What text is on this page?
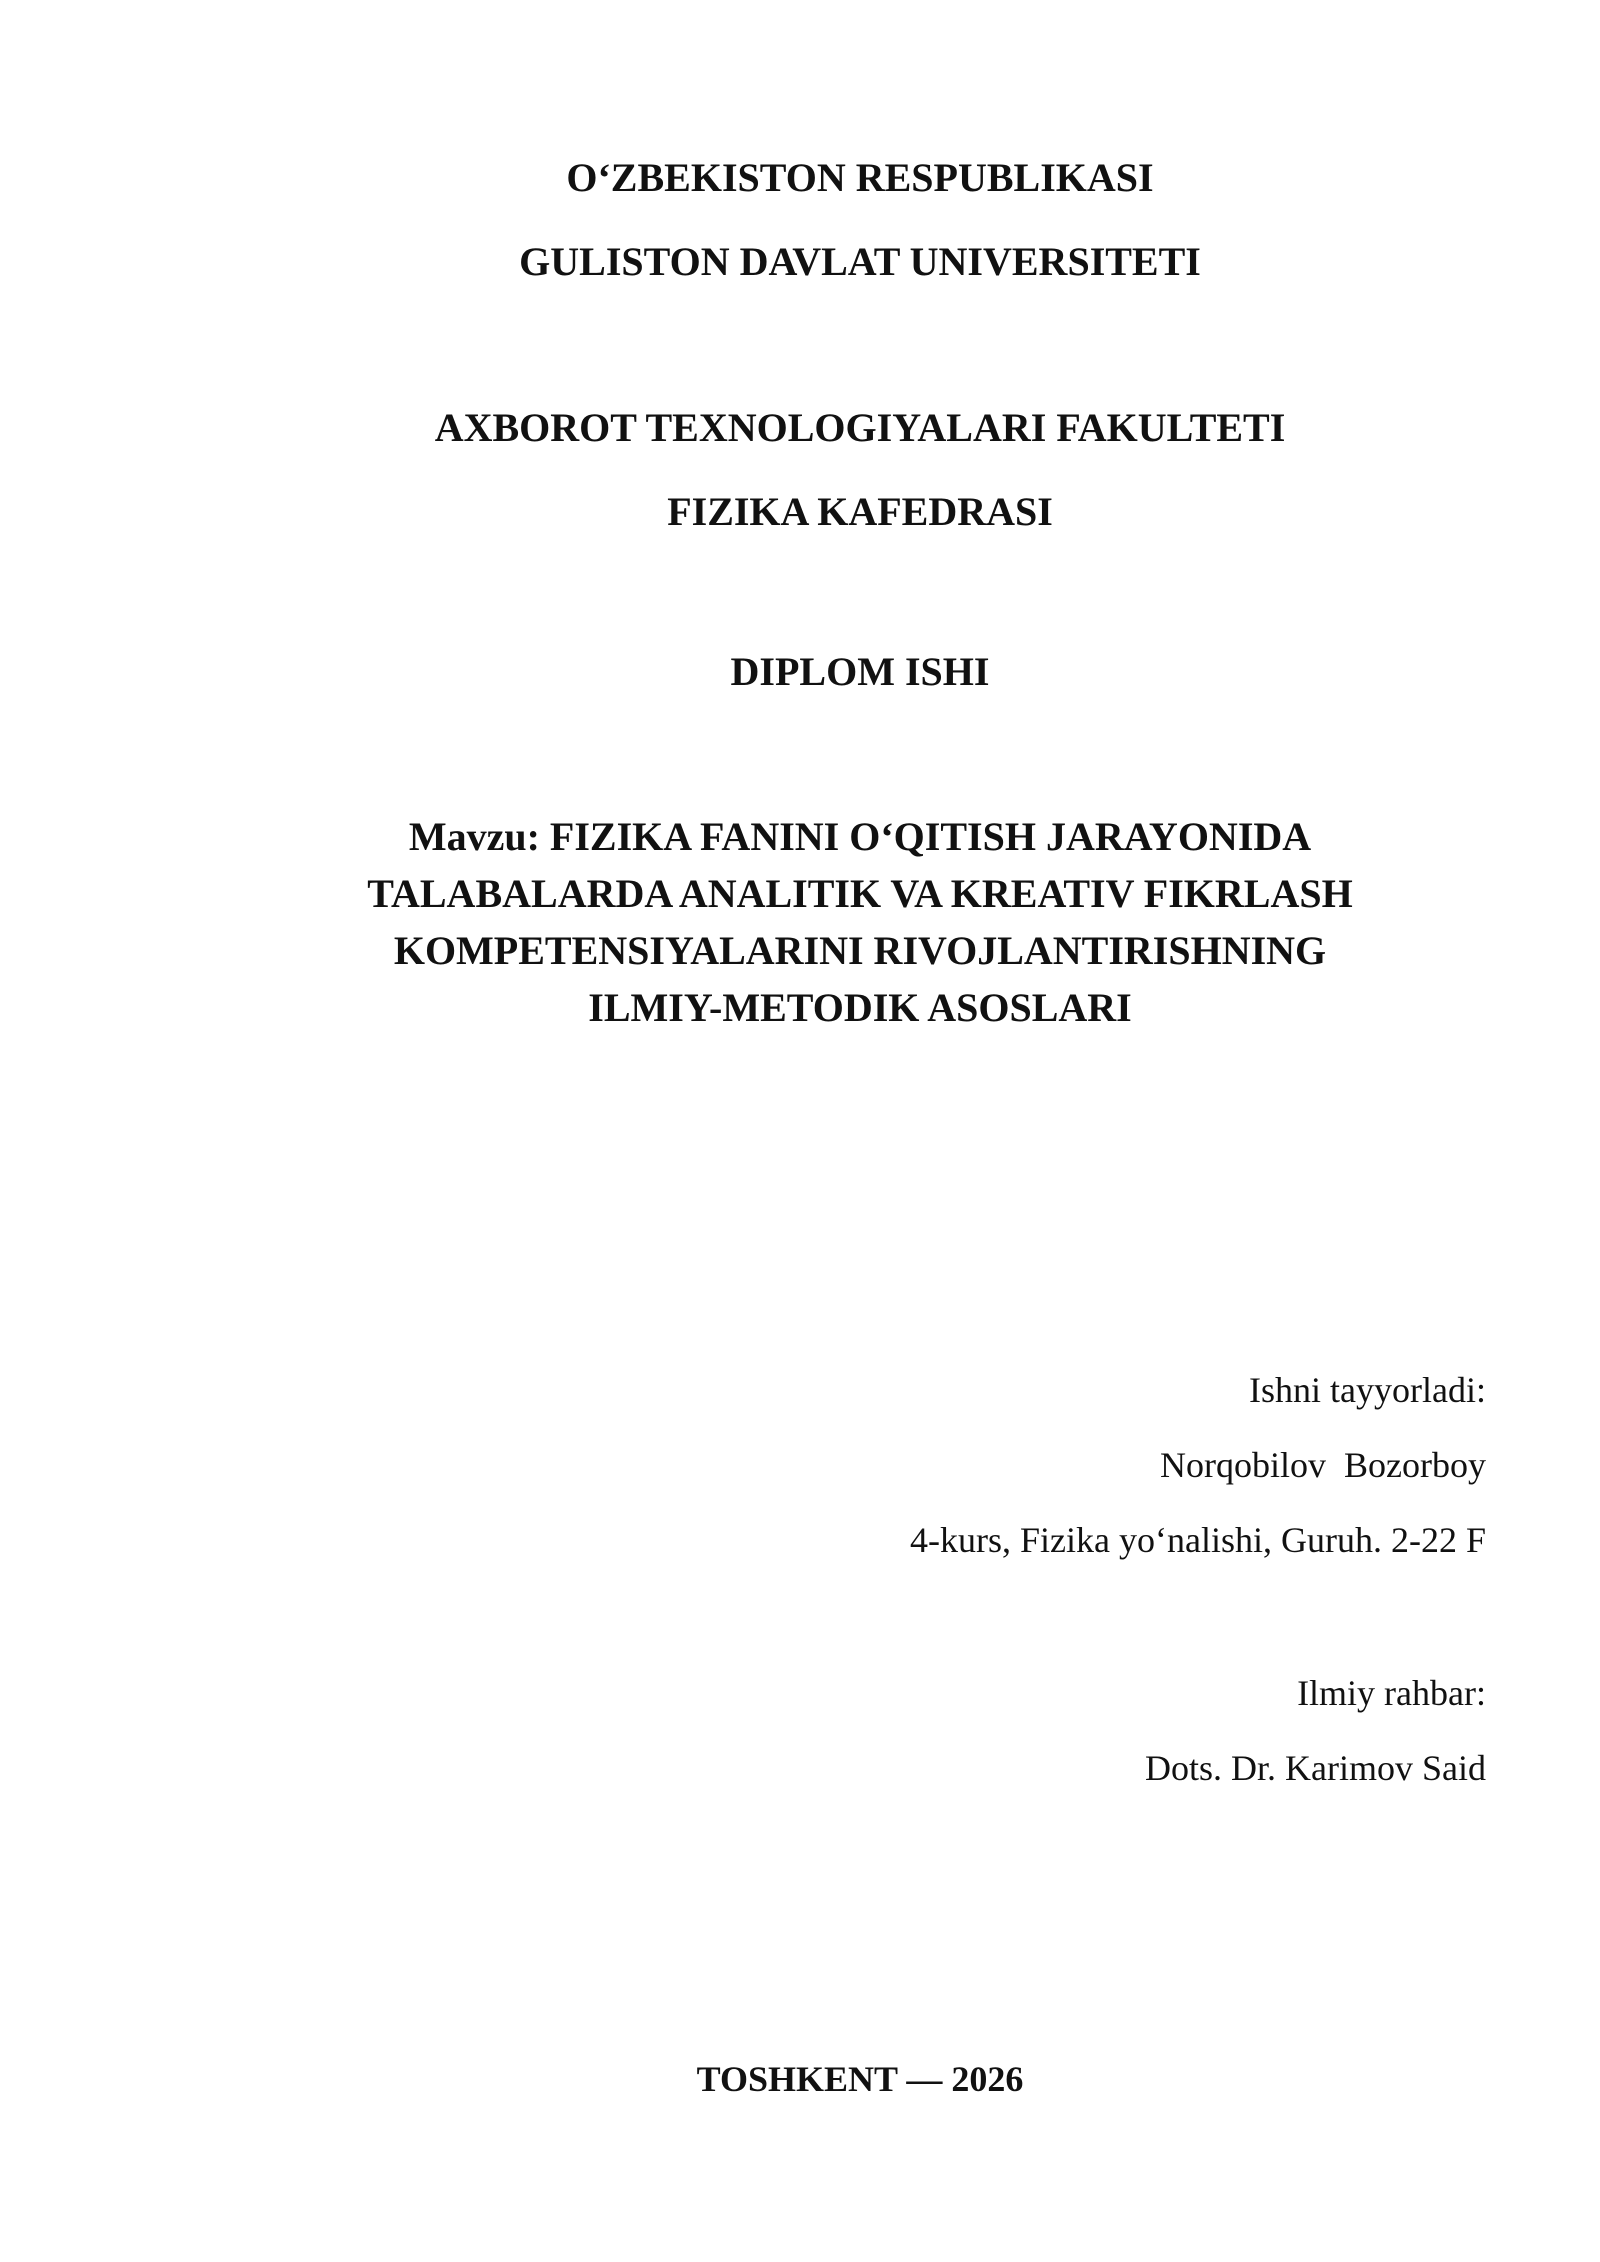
O‘ZBEKISTON RESPUBLIKASI
GULISTON DAVLAT UNIVERSITETI
AXBOROT TEXNOLOGIYALARI FAKULTETI
FIZIKA KAFEDRASI
DIPLOM ISHI
Mavzu: FIZIKA FANINI O‘QITISH JARAYONIDA
TALABALARDA ANALITIK VA KREATIV FIKRLASH
KOMPETENSIYALARINI RIVOJLANTIRISHNING
ILMIY-METODIK ASOSLARI
Ishni tayyorladi:
Norqobilov  Bozorboy
4-kurs, Fizika yo‘nalishi, Guruh. 2-22 F
Ilmiy rahbar:
Dots. Dr. Karimov Said
TOSHKENT — 2026
